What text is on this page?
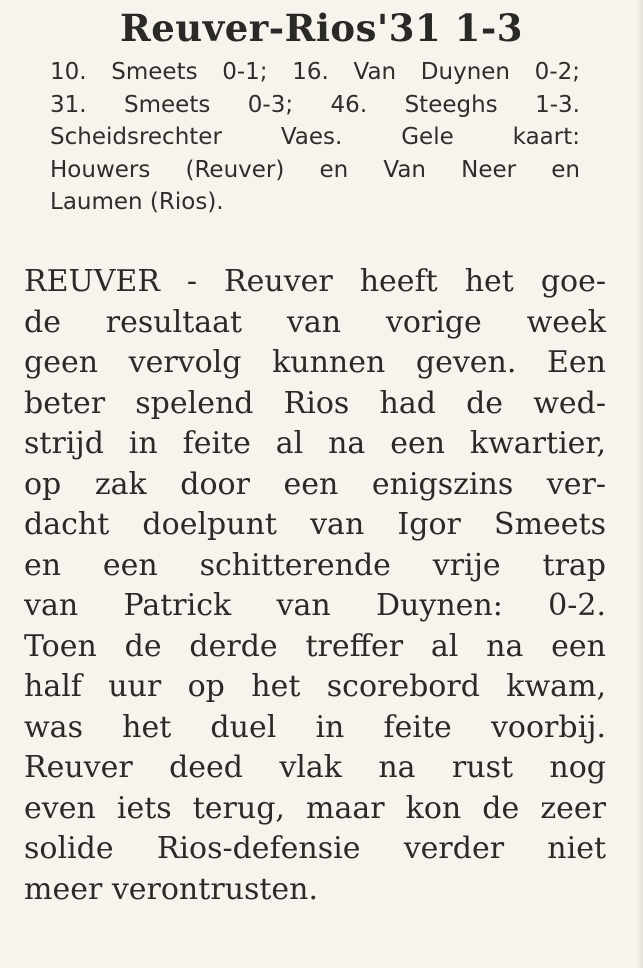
Reuver-Rios'31 1-3
10. Smeets 0-1; 16. Van Duynen 0-2;
31. Smeets 0-3; 46. Steeghs 1-3.
Scheidsrechter Vaes. Gele kaart:
Houwers (Reuver) en Van Neer en
Laumen (Rios).
REUVER - Reuver heeft het goe-
de resultaat van vorige week
geen vervolg kunnen geven. Een
beter spelend Rios had de wed-
strijd in feite al na een kwartier,
op zak door een enigszins ver-
dacht doelpunt van Igor Smeets
en een schitterende vrije trap
van Patrick van Duynen: 0-2.
Toen de derde treffer al na een
half uur op het scorebord kwam,
was het duel in feite voorbij.
Reuver deed vlak na rust nog
even iets terug, maar kon de zeer
solide Rios-defensie verder niet
meer verontrusten.
